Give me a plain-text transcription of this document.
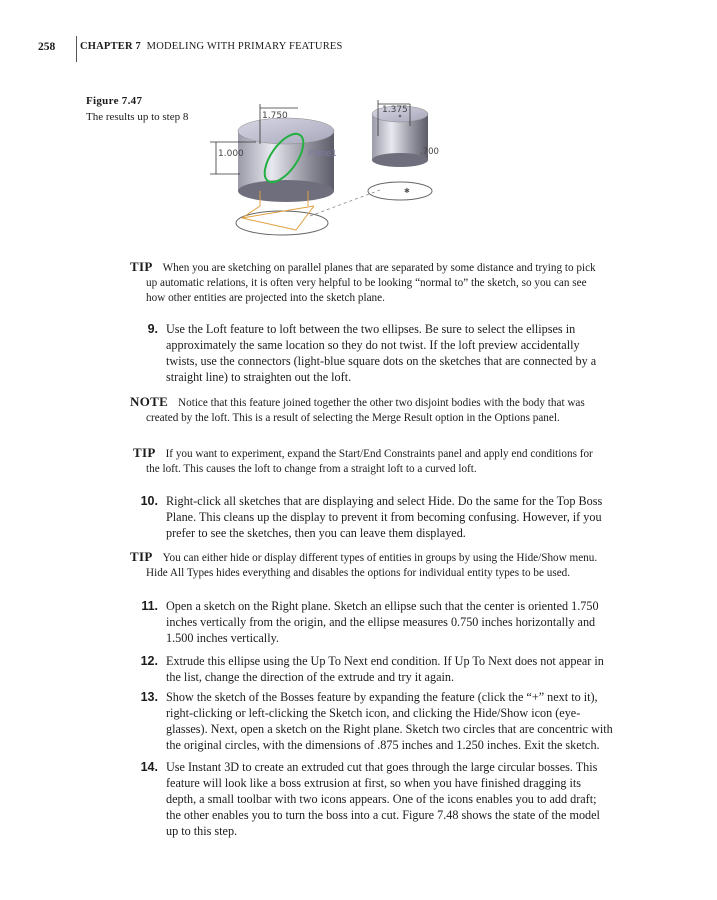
258 CHAPTER 7 MODELING WITH PRIMARY FEATURES
Figure 7.47
The results up to step 8
✱
1.750
1.000	Plane1
1.375
.700
TIP When you are sketching on parallel planes that are separated by some distance and trying to pick
up automatic relations, it is often very helpful to be looking “normal to” the sketch, so you can see
how other entities are projected into the sketch plane.
9. Use the Loft feature to loft between the two ellipses. Be sure to select the ellipses in
approximately the same location so they do not twist. If the loft preview accidentally
twists, use the connectors (light-blue square dots on the sketches that are connected by a
straight line) to straighten out the loft.
NOTE Notice that this feature joined together the other two disjoint bodies with the body that was
created by the loft. This is a result of selecting the Merge Result option in the Options panel.
TIP If you want to experiment, expand the Start/End Constraints panel and apply end conditions for
the loft. This causes the loft to change from a straight loft to a curved loft.
10. Right-click all sketches that are displaying and select Hide. Do the same for the Top Boss
Plane. This cleans up the display to prevent it from becoming confusing. However, if you
prefer to see the sketches, then you can leave them displayed.
TIP You can either hide or display different types of entities in groups by using the Hide/Show menu.
Hide All Types hides everything and disables the options for individual entity types to be used.
11. Open a sketch on the Right plane. Sketch an ellipse such that the center is oriented 1.750
inches vertically from the origin, and the ellipse measures 0.750 inches horizontally and
1.500 inches vertically.
12. Extrude this ellipse using the Up To Next end condition. If Up To Next does not appear in
the list, change the direction of the extrude and try it again.
13. Show the sketch of the Bosses feature by expanding the feature (click the “+” next to it),
right-clicking or left-clicking the Sketch icon, and clicking the Hide/Show icon (eye-
glasses). Next, open a sketch on the Right plane. Sketch two circles that are concentric with
the original circles, with the dimensions of .875 inches and 1.250 inches. Exit the sketch.
14. Use Instant 3D to create an extruded cut that goes through the large circular bosses. This
feature will look like a boss extrusion at first, so when you have finished dragging its
depth, a small toolbar with two icons appears. One of the icons enables you to add draft;
the other enables you to turn the boss into a cut. Figure 7.48 shows the state of the model
up to this step.
